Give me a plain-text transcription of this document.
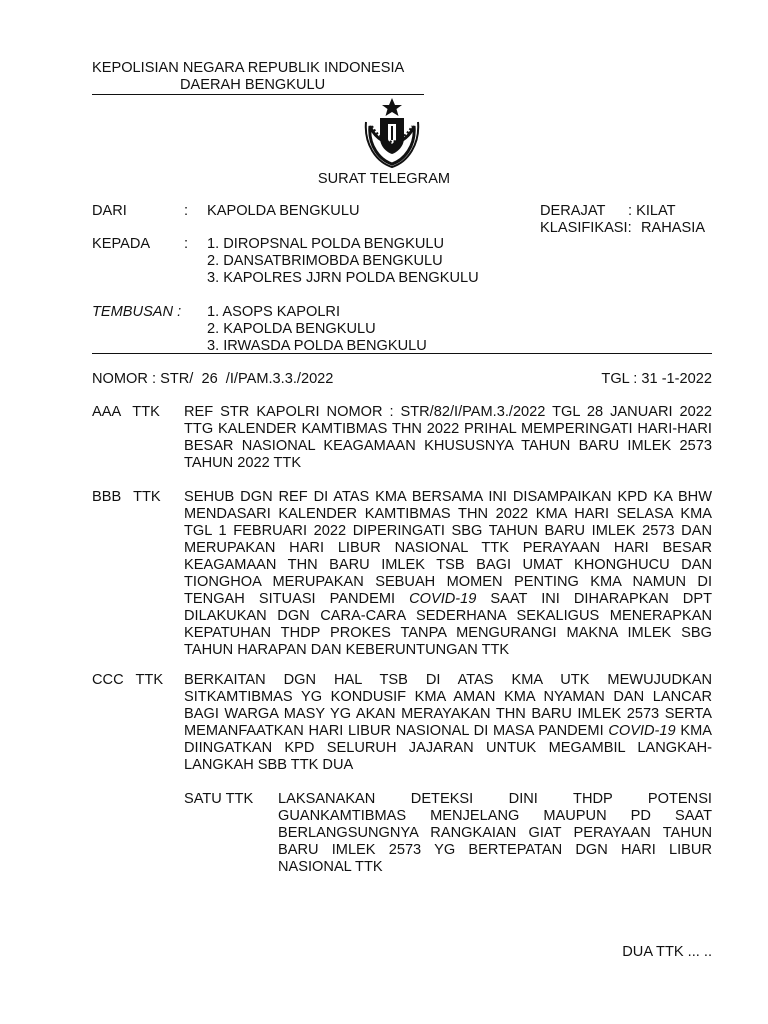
KEPOLISIAN NEGARA REPUBLIK INDONESIA
DAERAH BENGKULU
SURAT TELEGRAM
DARI	: KAPOLDA BENGKULU	DERAJAT : KILAT
KLASIFIKASI: RAHASIA
KEPADA : 1. DIROPSNAL POLDA BENGKULU
2. DANSATBRIMOBDA BENGKULU
3. KAPOLRES JJRN POLDA BENGKULU
TEMBUSAN : 1. ASOPS KAPOLRI
2. KAPOLDA BENGKULU
3. IRWASDA POLDA BENGKULU
NOMOR : STR/  26  /I/PAM.3.3./2022	TGL : 31 -1-2022
AAA   TTK	REF STR KAPOLRI NOMOR : STR/82/I/PAM.3./2022 TGL 28 JANUARI 2022 TTG KALENDER KAMTIBMAS THN 2022 PRIHAL MEMPERINGATI HARI-HARI BESAR NASIONAL KEAGAMAAN KHUSUSNYA TAHUN BARU IMLEK 2573 TAHUN 2022 TTK
BBB   TTK	SEHUB DGN REF DI ATAS KMA BERSAMA INI DISAMPAIKAN KPD KA BHW MENDASARI KALENDER KAMTIBMAS THN 2022 KMA HARI SELASA KMA TGL 1 FEBRUARI 2022 DIPERINGATI SBG TAHUN BARU IMLEK 2573 DAN MERUPAKAN HARI LIBUR NASIONAL TTK PERAYAAN HARI BESAR KEAGAMAAN THN BARU IMLEK TSB BAGI UMAT KHONGHUCU DAN TIONGHOA MERUPAKAN SEBUAH MOMEN PENTING KMA NAMUN DI TENGAH SITUASI PANDEMI COVID-19 SAAT INI DIHARAPKAN DPT DILAKUKAN DGN CARA-CARA SEDERHANA SEKALIGUS MENERAPKAN KEPATUHAN THDP PROKES TANPA MENGURANGI MAKNA IMLEK SBG TAHUN HARAPAN DAN KEBERUNTUNGAN TTK
CCC   TTK	BERKAITAN DGN HAL TSB DI ATAS KMA UTK MEWUJUDKAN SITKAMTIBMAS YG KONDUSIF KMA AMAN KMA NYAMAN DAN LANCAR BAGI WARGA MASY YG AKAN MERAYAKAN THN BARU IMLEK 2573 SERTA MEMANFAATKAN HARI LIBUR NASIONAL DI MASA PANDEMI COVID-19 KMA DIINGATKAN KPD SELURUH JAJARAN UNTUK MEGAMBIL LANGKAH-LANGKAH SBB TTK DUA
SATU TTK LAKSANAKAN DETEKSI DINI THDP POTENSI GUANKAMTIBMAS MENJELANG MAUPUN PD SAAT BERLANGSUNGNYA RANGKAIAN GIAT PERAYAAN TAHUN BARU IMLEK 2573 YG BERTEPATAN DGN HARI LIBUR NASIONAL TTK
DUA TTK ... ..
